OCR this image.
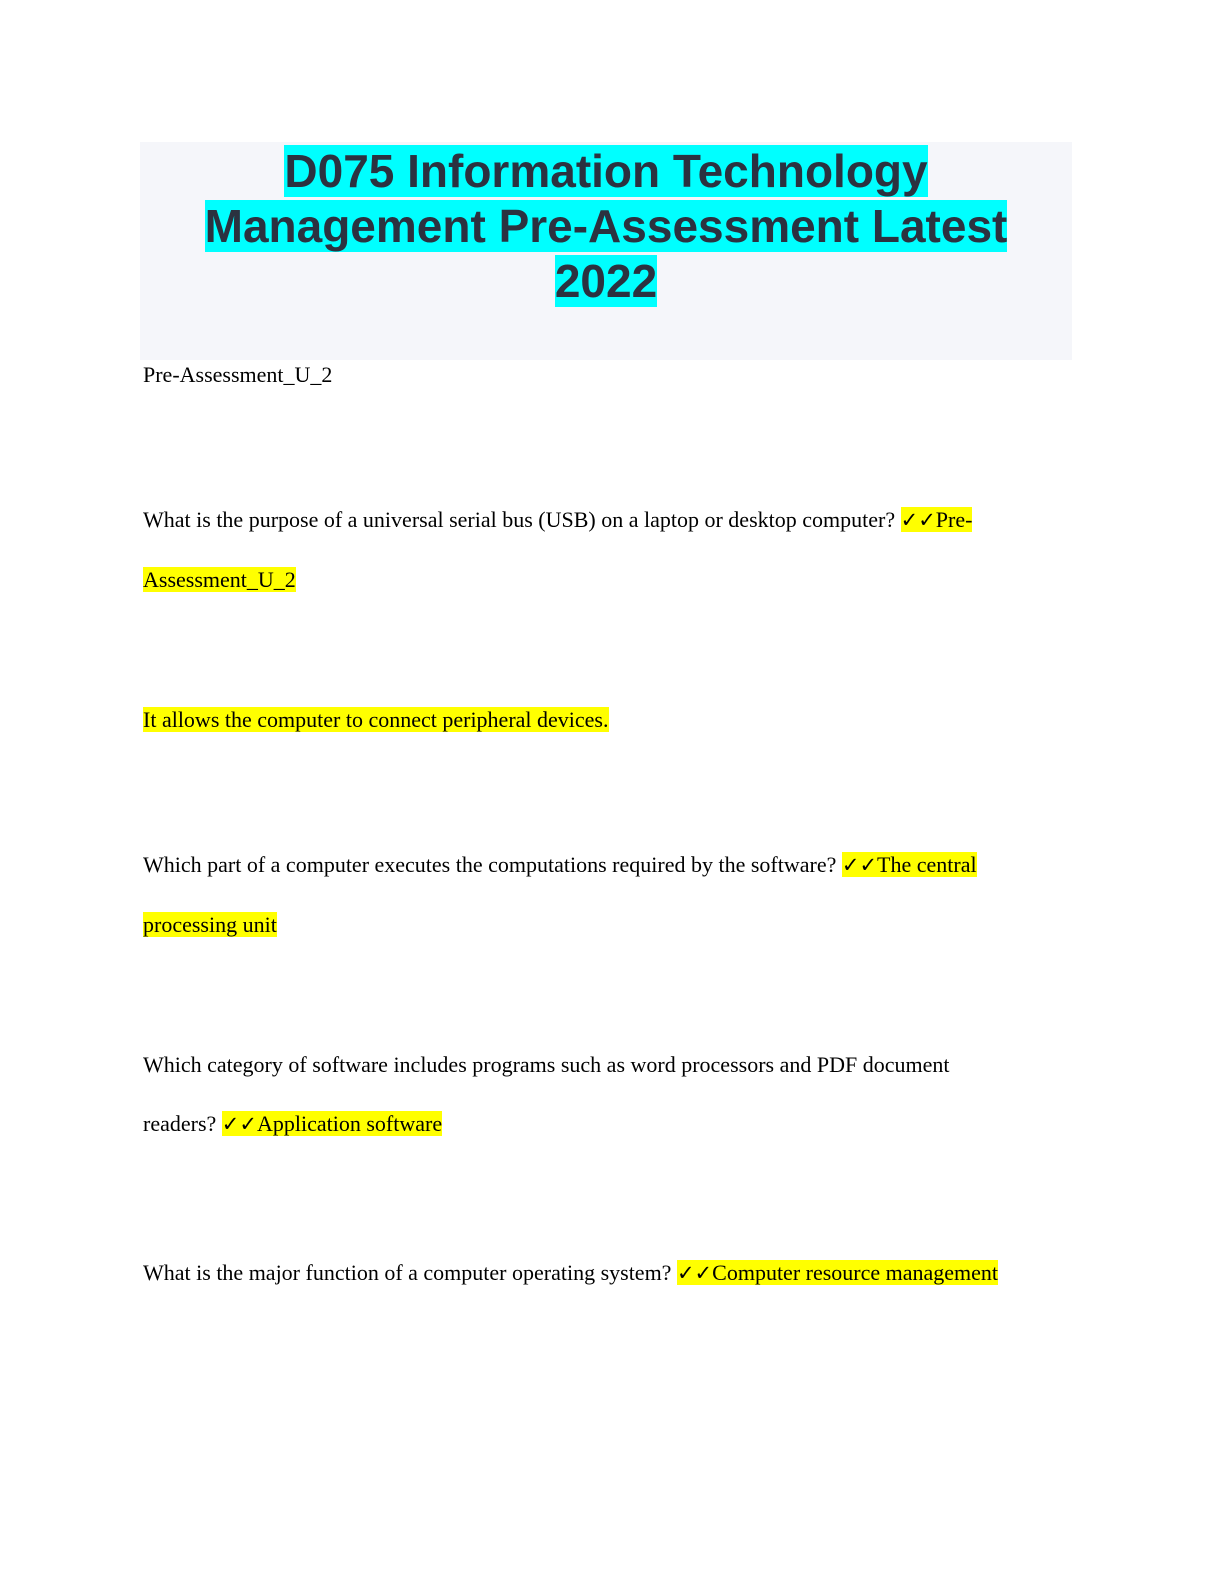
D075 Information Technology
Management Pre-Assessment Latest
2022
Pre-Assessment_U_2

What is the purpose of a universal serial bus (USB) on a laptop or desktop computer? ✓✓Pre-
Assessment_U_2

It allows the computer to connect peripheral devices.

Which part of a computer executes the computations required by the software? ✓✓The central
processing unit

Which category of software includes programs such as word processors and PDF document
readers? ✓✓Application software

What is the major function of a computer operating system? ✓✓Computer resource management
